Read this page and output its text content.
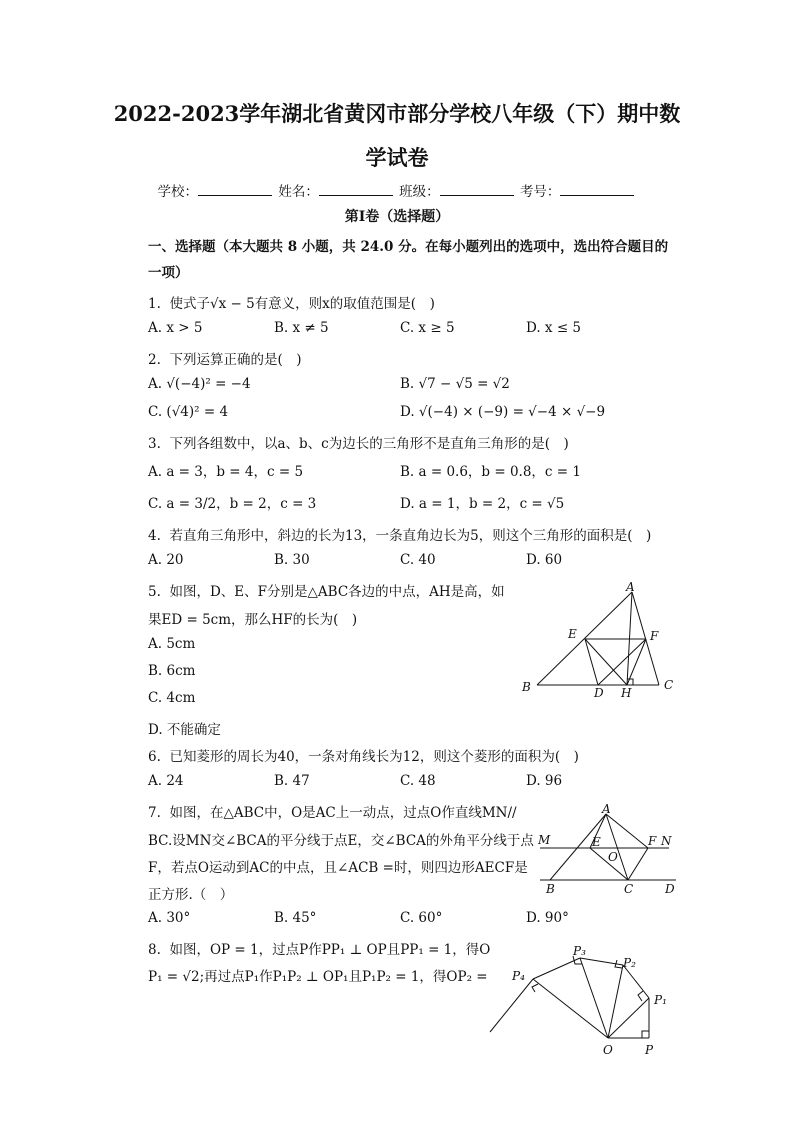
2022-2023学年湖北省黄冈市部分学校八年级（下）期中数
学试卷
学校：	姓名：	班级：	考号：
第Ⅰ卷（选择题）
一、选择题（本大题共 8 小题，共 24.0 分。在每小题列出的选项中，选出符合题目的一项）
1. 使式子√x − 5有意义，则x的取值范围是(　)
A. x > 5	B. x ≠ 5	C. x ≥ 5	D. x ≤ 5
2. 下列运算正确的是(　)
A. √(−4)² = −4	B. √7 − √5 = √2
C. (√4)² = 4	D. √(−4) × (−9) = √−4 × √−9
3. 下列各组数中，以a、b、c为边长的三角形不是直角三角形的是(　)
A. a = 3，b = 4，c = 5	B. a = 0.6，b = 0.8，c = 1
C. a = 3/2，b = 2，c = 3	D. a = 1，b = 2，c = √5
4. 若直角三角形中，斜边的长为13，一条直角边长为5，则这个三角形的面积是(　)
A. 20	B. 30	C. 40	D. 60
5. 如图，D、E、F分别是△ABC各边的中点，AH是高，如
果ED = 5cm，那么HF的长为(　)
A. 5cm
B. 6cm
C. 4cm
D. 不能确定
A
E	F
B	D H
C
6. 已知菱形的周长为40，一条对角线长为12，则这个菱形的面积为(　)
A. 24	B. 47	C. 48	D. 96
7. 如图，在△ABC中，O是AC上一动点，过点O作直线MN//
BC.设MN交∠BCA的平分线于点E，交∠BCA的外角平分线于点
F，若点O运动到AC的中点，且∠ACB =时，则四边形AECF是
正方形.（　）
A. 30°	B. 45°	C. 60°	D. 90°
A
M	E	F N
O
B	C	D
8. 如图，OP = 1，过点P作PP₁ ⊥ OP且PP₁ = 1，得O
P₁ = √2;再过点P₁作P₁P₂ ⊥ OP₁且P₁P₂ = 1，得OP₂ =
P₃
P₂
P₄
P₁
O	P
